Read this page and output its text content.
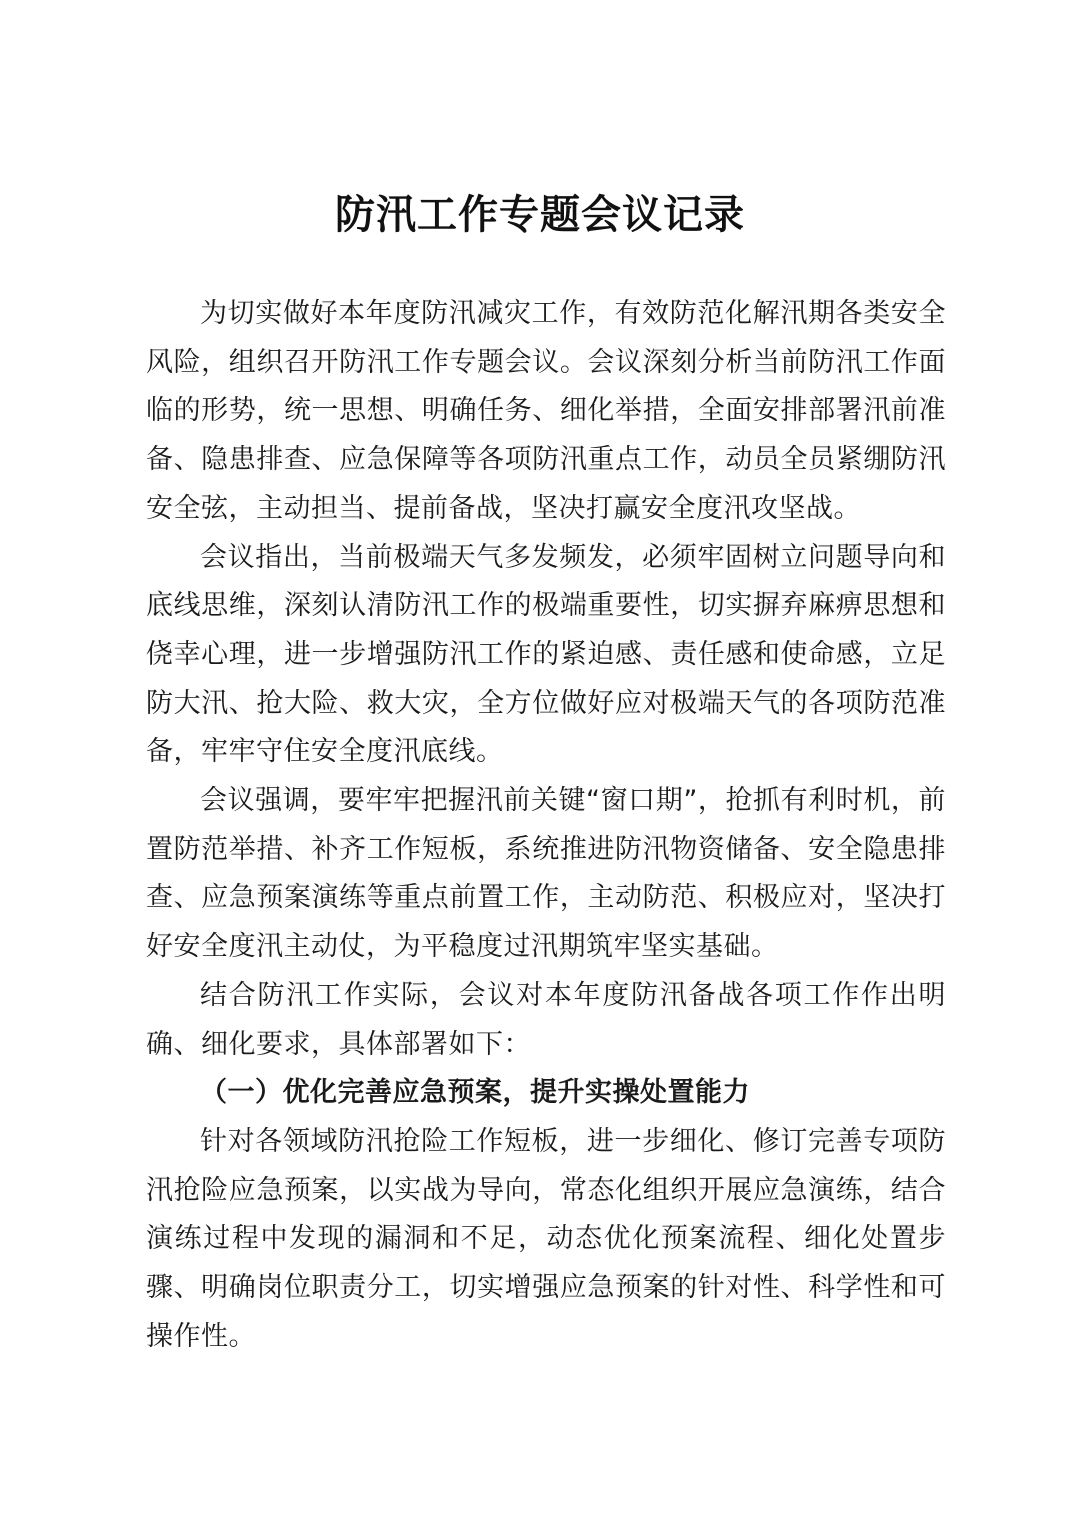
防汛工作专题会议记录

为切实做好本年度防汛减灾工作，有效防范化解汛期各类安全风险，组织召开防汛工作专题会议。会议深刻分析当前防汛工作面临的形势，统一思想、明确任务、细化举措，全面安排部署汛前准备、隐患排查、应急保障等各项防汛重点工作，动员全员紧绷防汛安全弦，主动担当、提前备战，坚决打赢安全度汛攻坚战。

会议指出，当前极端天气多发频发，必须牢固树立问题导向和底线思维，深刻认清防汛工作的极端重要性，切实摒弃麻痹思想和侥幸心理，进一步增强防汛工作的紧迫感、责任感和使命感，立足防大汛、抢大险、救大灾，全方位做好应对极端天气的各项防范准备，牢牢守住安全度汛底线。

会议强调，要牢牢把握汛前关键“窗口期”，抢抓有利时机，前置防范举措、补齐工作短板，系统推进防汛物资储备、安全隐患排查、应急预案演练等重点前置工作，主动防范、积极应对，坚决打好安全度汛主动仗，为平稳度过汛期筑牢坚实基础。

结合防汛工作实际，会议对本年度防汛备战各项工作作出明确、细化要求，具体部署如下：

（一）优化完善应急预案，提升实操处置能力

针对各领域防汛抢险工作短板，进一步细化、修订完善专项防汛抢险应急预案，以实战为导向，常态化组织开展应急演练，结合演练过程中发现的漏洞和不足，动态优化预案流程、细化处置步骤、明确岗位职责分工，切实增强应急预案的针对性、科学性和可操作性。
